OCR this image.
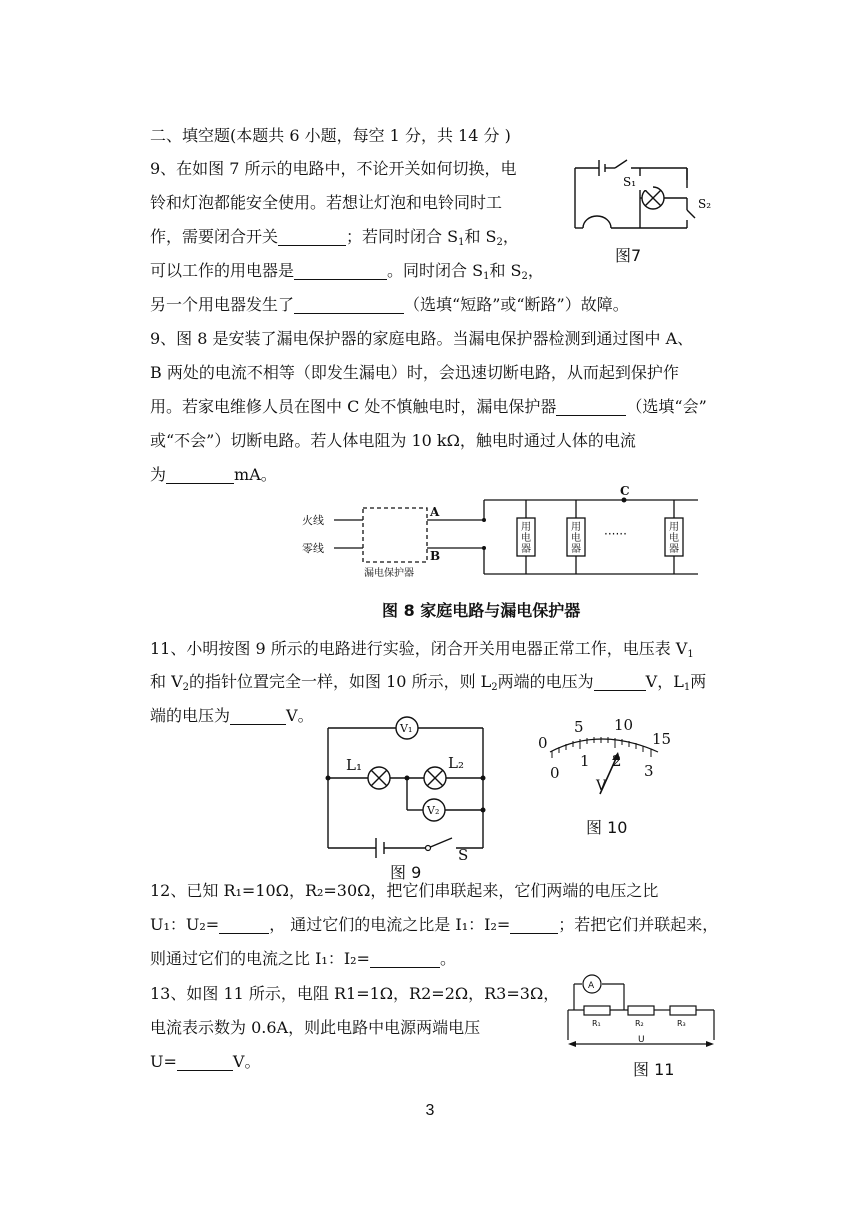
二、填空题(本题共 6 小题，每空 1 分，共 14 分 )
9、在如图 7 所示的电路中，不论开关如何切换，电
铃和灯泡都能安全使用。若想让灯泡和电铃同时工
作，需要闭合开关	；若同时闭合 $S_1$和 $S_2$，
可以工作的用电器是	。同时闭合 $S_1$和 $S_2$，
另一个用电器发生了	（选填“短路”或“断路”）故障。
S₁
S₂
图7
9、图 8 是安装了漏电保护器的家庭电路。当漏电保护器检测到通过图中 A、
B 两处的电流不相等（即发生漏电）时，会迅速切断电路，从而起到保护作
用。若家电维修人员在图中 C 处不慎触电时，漏电保护器	（选填“会”
或“不会”）切断电路。若人体电阻为 10 kΩ，触电时通过人体的电流
为	mA。
火线
零线
漏电保护器
A
B
C
······
用电器
用电器
用电器
图 8 家庭电路与漏电保护器
11、小明按图 9 所示的电路进行实验，闭合开关用电器正常工作，电压表 $V_1$
和 $V_2$的指针位置完全一样，如图 10 所示，则 $L_2$两端的电压为	V，$L_1$两
端的电压为	V。
V₁
V₂
L₁	L₂
S
图 9
0
5 10
15
0
1 2
3
V
图 10
12、已知 R₁=10Ω，R₂=30Ω，把它们串联起来，它们两端的电压之比
U₁：U₂=	， 通过它们的电流之比是 I₁：I₂=	；若把它们并联起来，
则通过它们的电流之比 I₁：I₂=	。
13、如图 11 所示，电阻 R1=1Ω，R2=2Ω，R3=3Ω，
电流表示数为 0.6A，则此电路中电源两端电压
U=	V。
A
R₁	R₂	R₃
U
图 11
3
